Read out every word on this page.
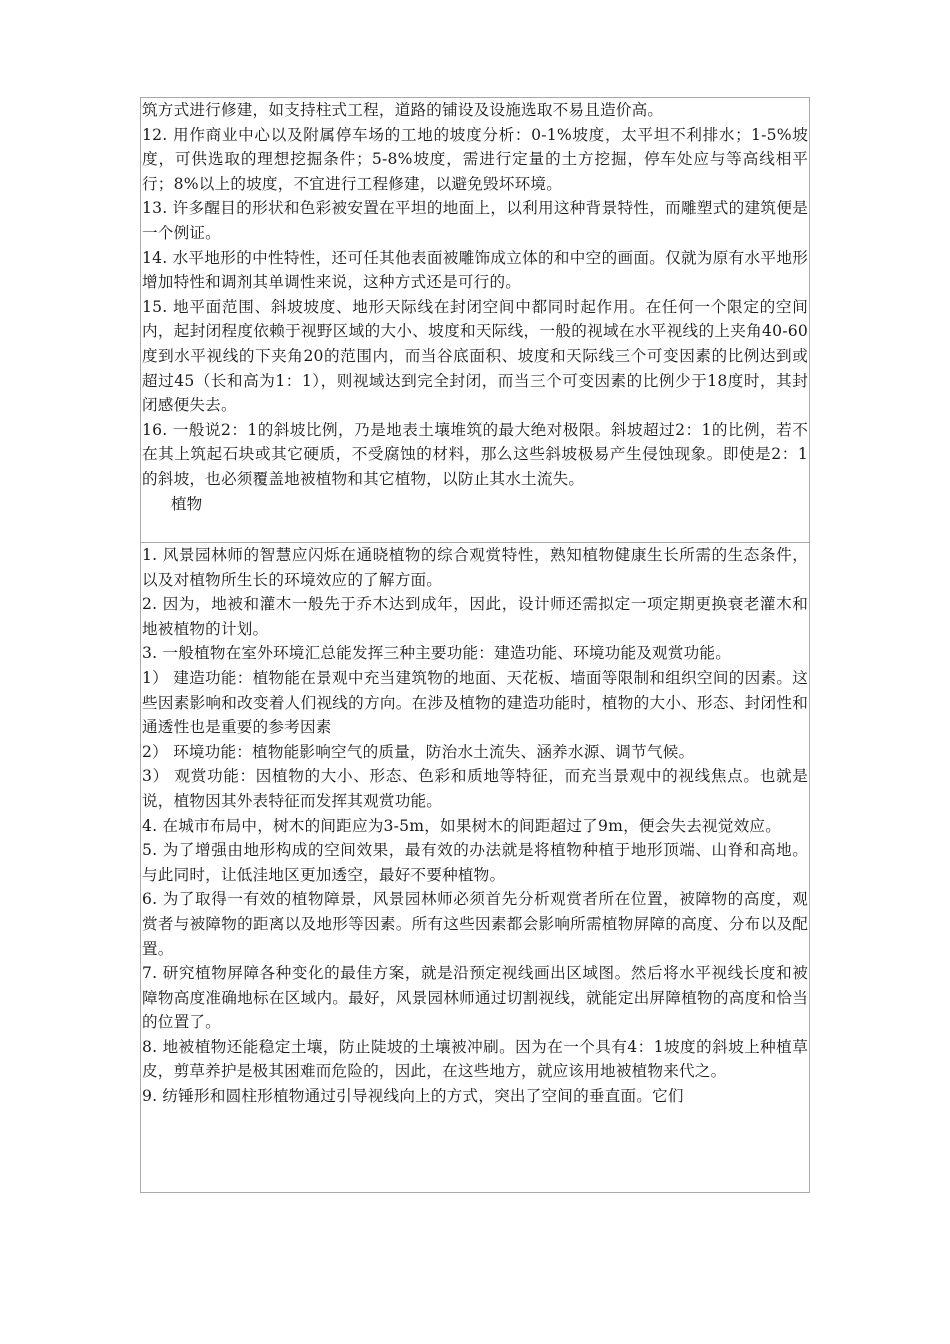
筑方式进行修建，如支持柱式工程，道路的铺设及设施选取不易且造价高。

12. 用作商业中心以及附属停车场的工地的坡度分析：0-1%坡度，太平坦不利排水；1-5%坡度，可供选取的理想挖掘条件；5-8%坡度，需进行定量的土方挖掘，停车处应与等高线相平行；8%以上的坡度，不宜进行工程修建，以避免毁坏环境。

13. 许多醒目的形状和色彩被安置在平坦的地面上，以利用这种背景特性，而雕塑式的建筑便是一个例证。

14. 水平地形的中性特性，还可任其他表面被雕饰成立体的和中空的画面。仅就为原有水平地形增加特性和调剂其单调性来说，这种方式还是可行的。

15. 地平面范围、斜坡坡度、地形天际线在封闭空间中都同时起作用。在任何一个限定的空间内，起封闭程度依赖于视野区域的大小、坡度和天际线，一般的视域在水平视线的上夹角40-60度到水平视线的下夹角20的范围内，而当谷底面积、坡度和天际线三个可变因素的比例达到或超过45（长和高为1：1），则视域达到完全封闭，而当三个可变因素的比例少于18度时，其封闭感便失去。

16. 一般说2：1的斜坡比例，乃是地表土壤堆筑的最大绝对极限。斜坡超过2：1的比例，若不在其上筑起石块或其它硬质，不受腐蚀的材料，那么这些斜坡极易产生侵蚀现象。即使是2：1的斜坡，也必须覆盖地被植物和其它植物，以防止其水土流失。

植物

1. 风景园林师的智慧应闪烁在通晓植物的综合观赏特性，熟知植物健康生长所需的生态条件，以及对植物所生长的环境效应的了解方面。

2. 因为，地被和灌木一般先于乔木达到成年，因此，设计师还需拟定一项定期更换衰老灌木和地被植物的计划。

3. 一般植物在室外环境汇总能发挥三种主要功能：建造功能、环境功能及观赏功能。

1） 建造功能：植物能在景观中充当建筑物的地面、天花板、墙面等限制和组织空间的因素。这些因素影响和改变着人们视线的方向。在涉及植物的建造功能时，植物的大小、形态、封闭性和通透性也是重要的参考因素

2） 环境功能：植物能影响空气的质量，防治水土流失、涵养水源、调节气候。

3） 观赏功能：因植物的大小、形态、色彩和质地等特征，而充当景观中的视线焦点。也就是说，植物因其外表特征而发挥其观赏功能。

4. 在城市布局中，树木的间距应为3-5m，如果树木的间距超过了9m，便会失去视觉效应。

5. 为了增强由地形构成的空间效果，最有效的办法就是将植物种植于地形顶端、山脊和高地。与此同时，让低洼地区更加透空，最好不要种植物。

6. 为了取得一有效的植物障景，风景园林师必须首先分析观赏者所在位置，被障物的高度，观赏者与被障物的距离以及地形等因素。所有这些因素都会影响所需植物屏障的高度、分布以及配置。

7. 研究植物屏障各种变化的最佳方案，就是沿预定视线画出区域图。然后将水平视线长度和被障物高度准确地标在区域内。最好，风景园林师通过切割视线，就能定出屏障植物的高度和恰当的位置了。

8. 地被植物还能稳定土壤，防止陡坡的土壤被冲刷。因为在一个具有4：1坡度的斜坡上种植草皮，剪草养护是极其困难而危险的，因此，在这些地方，就应该用地被植物来代之。

9. 纺锤形和圆柱形植物通过引导视线向上的方式，突出了空间的垂直面。它们
